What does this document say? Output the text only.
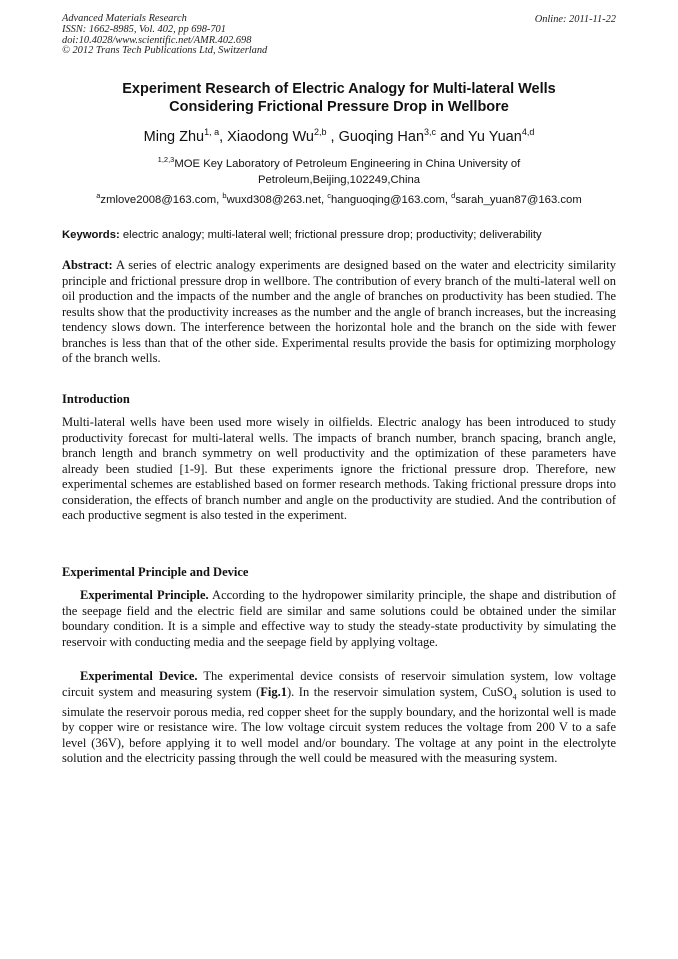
Advanced Materials Research
ISSN: 1662-8985, Vol. 402, pp 698-701
doi:10.4028/www.scientific.net/AMR.402.698
© 2012 Trans Tech Publications Ltd, Switzerland
Online: 2011-11-22
Experiment Research of Electric Analogy for Multi-lateral Wells
Considering Frictional Pressure Drop in Wellbore
Ming Zhu$^{1, a}$, Xiaodong Wu$^{2,b}$ , Guoqing Han$^{3,c}$ and Yu Yuan$^{4,d}$
$^{1,2,3}$MOE Key Laboratory of Petroleum Engineering in China University of
Petroleum,Beijing,102249,China
$^a$zmlove2008@163.com, $^b$wuxd308@263.net, $^c$hanguoqing@163.com, $^d$sarah_yuan87@163.com
Keywords: electric analogy; multi-lateral well; frictional pressure drop; productivity; deliverability
Abstract: A series of electric analogy experiments are designed based on the water and electricity similarity principle and frictional pressure drop in wellbore. The contribution of every branch of the multi-lateral well on oil production and the impacts of the number and the angle of branches on productivity has been studied. The results show that the productivity increases as the number and the angle of branch increases, but the increasing tendency slows down. The interference between the horizontal hole and the branch on the side with fewer branches is less than that of the other side. Experimental results provide the basis for optimizing morphology of the branch wells.
Introduction
Multi-lateral wells have been used more wisely in oilfields. Electric analogy has been introduced to study productivity forecast for multi-lateral wells. The impacts of branch number, branch spacing, branch angle, branch length and branch symmetry on well productivity and the optimization of these parameters have already been studied [1-9]. But these experiments ignore the frictional pressure drop. Therefore, new experimental schemes are established based on former research methods. Taking frictional pressure drops into consideration, the effects of branch number and angle on the productivity are studied. And the contribution of each productive segment is also tested in the experiment.
Experimental Principle and Device
Experimental Principle. According to the hydropower similarity principle, the shape and distribution of the seepage field and the electric field are similar and same solutions could be obtained under the similar boundary condition. It is a simple and effective way to study the steady-state productivity by simulating the reservoir with conducting media and the seepage field by applying voltage.
Experimental Device. The experimental device consists of reservoir simulation system, low voltage circuit system and measuring system (Fig.1). In the reservoir simulation system, CuSO$_4$ solution is used to simulate the reservoir porous media, red copper sheet for the supply boundary, and the horizontal well is made by copper wire or resistance wire. The low voltage circuit system reduces the voltage from 200 V to a safe level (36V), before applying it to well model and/or boundary. The voltage at any point in the electrolyte solution and the electricity passing through the well could be measured with the measuring system.
